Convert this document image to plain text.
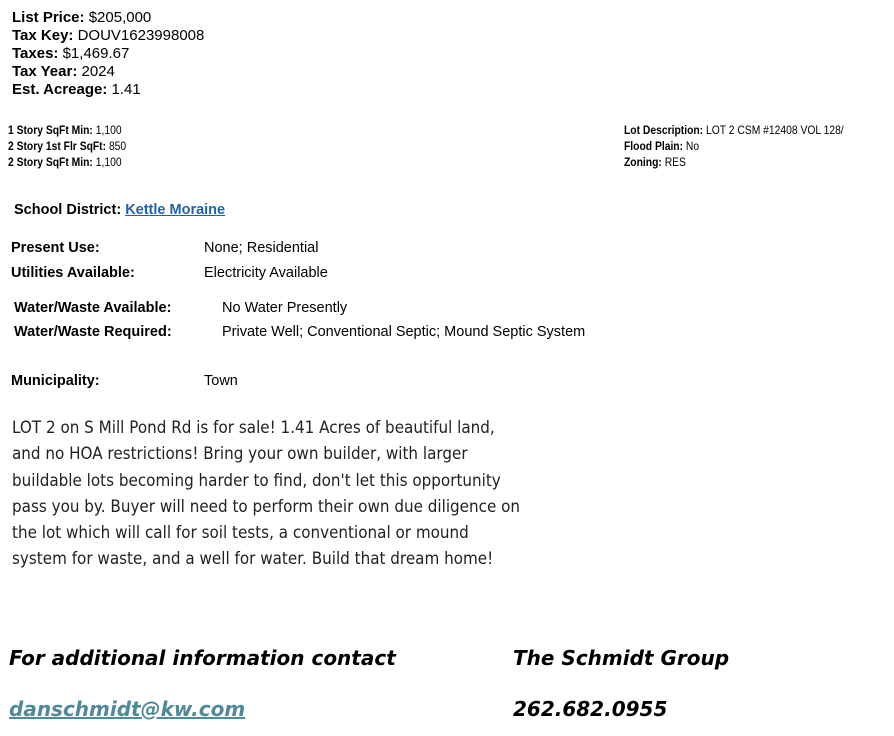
List Price: $205,000
Tax Key: DOUV1623998008
Taxes: $1,469.67
Tax Year: 2024
Est. Acreage: 1.41
1 Story SqFt Min: 1,100
2 Story 1st Flr SqFt: 850
2 Story SqFt Min: 1,100
Lot Description: LOT 2 CSM #12408 VOL 128/
Flood Plain: No
Zoning: RES
School District: Kettle Moraine
Present Use:	None; Residential
Utilities Available:	Electricity Available
Water/Waste Available:	No Water Presently
Water/Waste Required:	Private Well; Conventional Septic; Mound Septic System
Municipality:	Town
LOT 2 on S Mill Pond Rd is for sale! 1.41 Acres of beautiful land,
and no HOA restrictions! Bring your own builder, with larger
buildable lots becoming harder to find, don't let this opportunity
pass you by. Buyer will need to perform their own due diligence on
the lot which will call for soil tests, a conventional or mound
system for waste, and a well for water. Build that dream home!
For additional information contact	The Schmidt Group
danschmidt@kw.com	262.682.0955
